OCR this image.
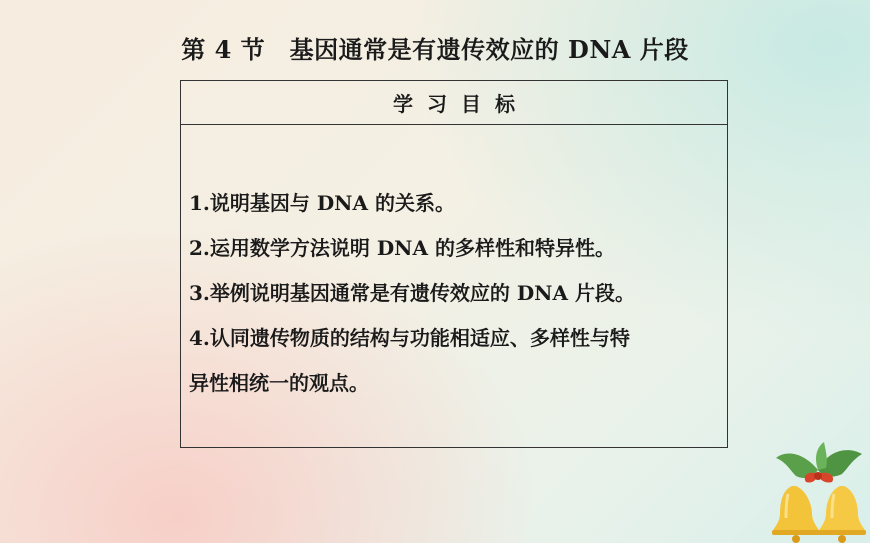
第 4 节　基因通常是有遗传效应的 DNA 片段
学习目标

1.说明基因与 DNA 的关系。

2.运用数学方法说明 DNA 的多样性和特异性。

3.举例说明基因通常是有遗传效应的 DNA 片段。

4.认同遗传物质的结构与功能相适应、多样性与特

异性相统一的观点。
